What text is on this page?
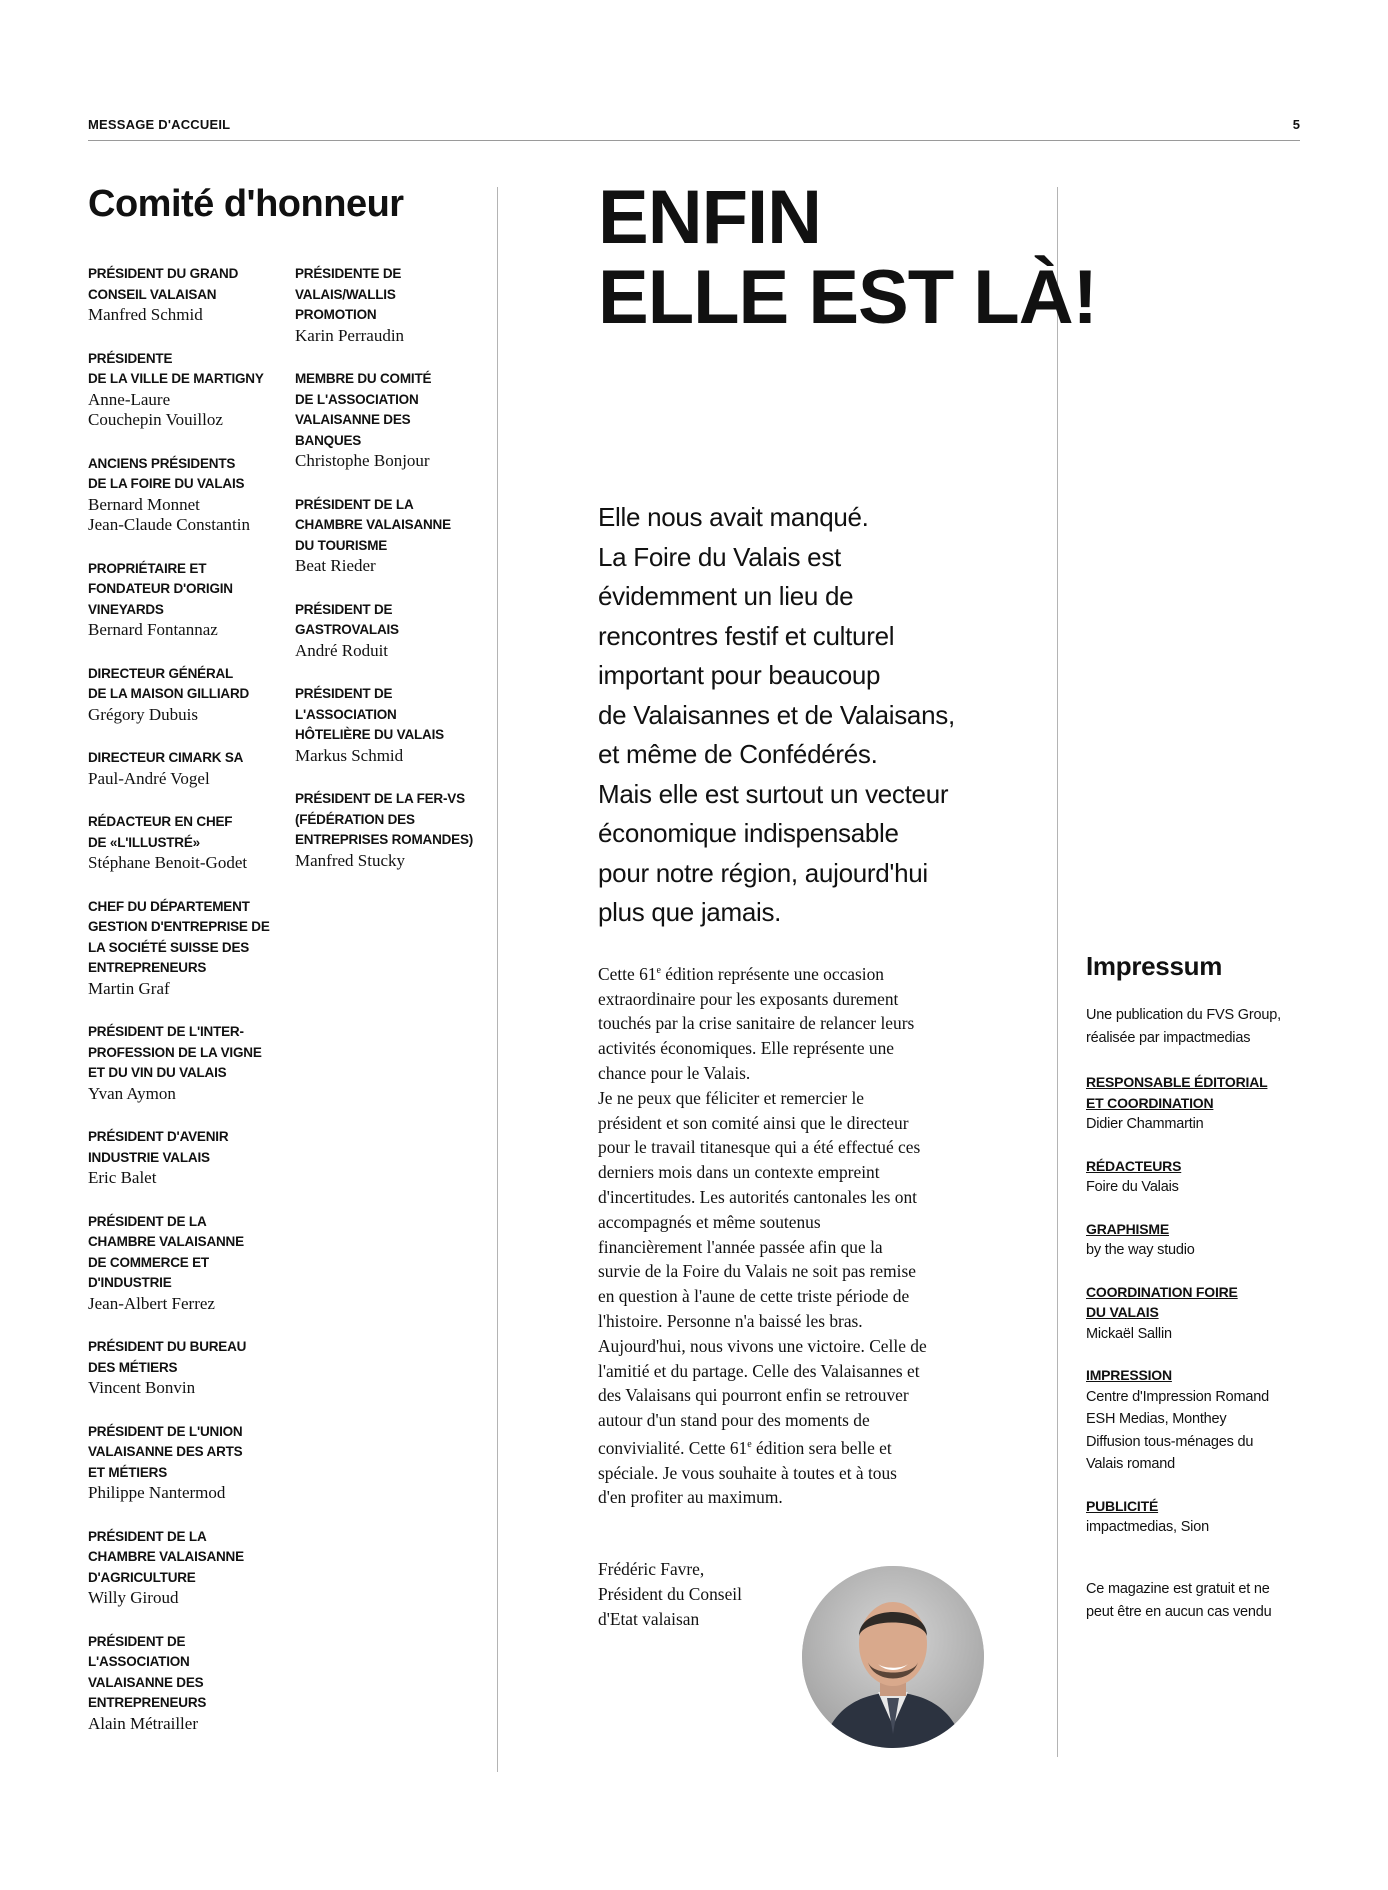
MESSAGE D'ACCUEIL	5
Comité d'honneur
PRÉSIDENT DU GRAND
CONSEIL VALAISAN
Manfred Schmid
PRÉSIDENTE
DE LA VILLE DE MARTIGNY
Anne-Laure
Couchepin Vouilloz
ANCIENS PRÉSIDENTS
DE LA FOIRE DU VALAIS
Bernard Monnet
Jean-Claude Constantin
PROPRIÉTAIRE ET
FONDATEUR D'ORIGIN
VINEYARDS
Bernard Fontannaz
DIRECTEUR GÉNÉRAL
DE LA MAISON GILLIARD
Grégory Dubuis
DIRECTEUR CIMARK SA
Paul-André Vogel
RÉDACTEUR EN CHEF
DE «L'ILLUSTRÉ»
Stéphane Benoit-Godet
CHEF DU DÉPARTEMENT
GESTION D'ENTREPRISE DE
LA SOCIÉTÉ SUISSE DES
ENTREPRENEURS
Martin Graf
PRÉSIDENT DE L'INTER-
PROFESSION DE LA VIGNE
ET DU VIN DU VALAIS
Yvan Aymon
PRÉSIDENT D'AVENIR
INDUSTRIE VALAIS
Eric Balet
PRÉSIDENT DE LA
CHAMBRE VALAISANNE
DE COMMERCE ET
D'INDUSTRIE
Jean-Albert Ferrez
PRÉSIDENT DU BUREAU
DES MÉTIERS
Vincent Bonvin
PRÉSIDENT DE L'UNION
VALAISANNE DES ARTS
ET MÉTIERS
Philippe Nantermod
PRÉSIDENT DE LA
CHAMBRE VALAISANNE
D'AGRICULTURE
Willy Giroud
PRÉSIDENT DE
L'ASSOCIATION
VALAISANNE DES
ENTREPRENEURS
Alain Métrailler
PRÉSIDENTE DE
VALAIS/WALLIS
PROMOTION
Karin Perraudin
MEMBRE DU COMITÉ
DE L'ASSOCIATION
VALAISANNE DES
BANQUES
Christophe Bonjour
PRÉSIDENT DE LA
CHAMBRE VALAISANNE
DU TOURISME
Beat Rieder
PRÉSIDENT DE
GASTROVALAIS
André Roduit
PRÉSIDENT DE
L'ASSOCIATION
HÔTELIÈRE DU VALAIS
Markus Schmid
PRÉSIDENT DE LA FER-VS
(FÉDÉRATION DES
ENTREPRISES ROMANDES)
Manfred Stucky
ENFIN
ELLE EST LÀ!

Elle nous avait manqué.
La Foire du Valais est
évidemment un lieu de
rencontres festif et culturel
important pour beaucoup
de Valaisannes et de Valaisans,
et même de Confédérés.
Mais elle est surtout un vecteur
économique indispensable
pour notre région, aujourd'hui
plus que jamais.

Cette 61e édition représente une occasion
extraordinaire pour les exposants durement
touchés par la crise sanitaire de relancer leurs
activités économiques. Elle représente une
chance pour le Valais.
Je ne peux que féliciter et remercier le
président et son comité ainsi que le directeur
pour le travail titanesque qui a été effectué ces
derniers mois dans un contexte empreint
d'incertitudes. Les autorités cantonales les ont
accompagnés et même soutenus
financièrement l'année passée afin que la
survie de la Foire du Valais ne soit pas remise
en question à l'aune de cette triste période de
l'histoire. Personne n'a baissé les bras.
Aujourd'hui, nous vivons une victoire. Celle de
l'amitié et du partage. Celle des Valaisannes et
des Valaisans qui pourront enfin se retrouver
autour d'un stand pour des moments de
convivialité. Cette 61e édition sera belle et
spéciale. Je vous souhaite à toutes et à tous
d'en profiter au maximum.

Frédéric Favre,
Président du Conseil
d'Etat valaisan
Impressum
Une publication du FVS Group,
réalisée par impactmedias
RESPONSABLE ÉDITORIAL
ET COORDINATION
Didier Chammartin
RÉDACTEURS
Foire du Valais
GRAPHISME
by the way studio
COORDINATION FOIRE
DU VALAIS
Mickaël Sallin
IMPRESSION
Centre d'Impression Romand
ESH Medias, Monthey
Diffusion tous-ménages du
Valais romand
PUBLICITÉ
impactmedias, Sion
Ce magazine est gratuit et ne
peut être en aucun cas vendu
